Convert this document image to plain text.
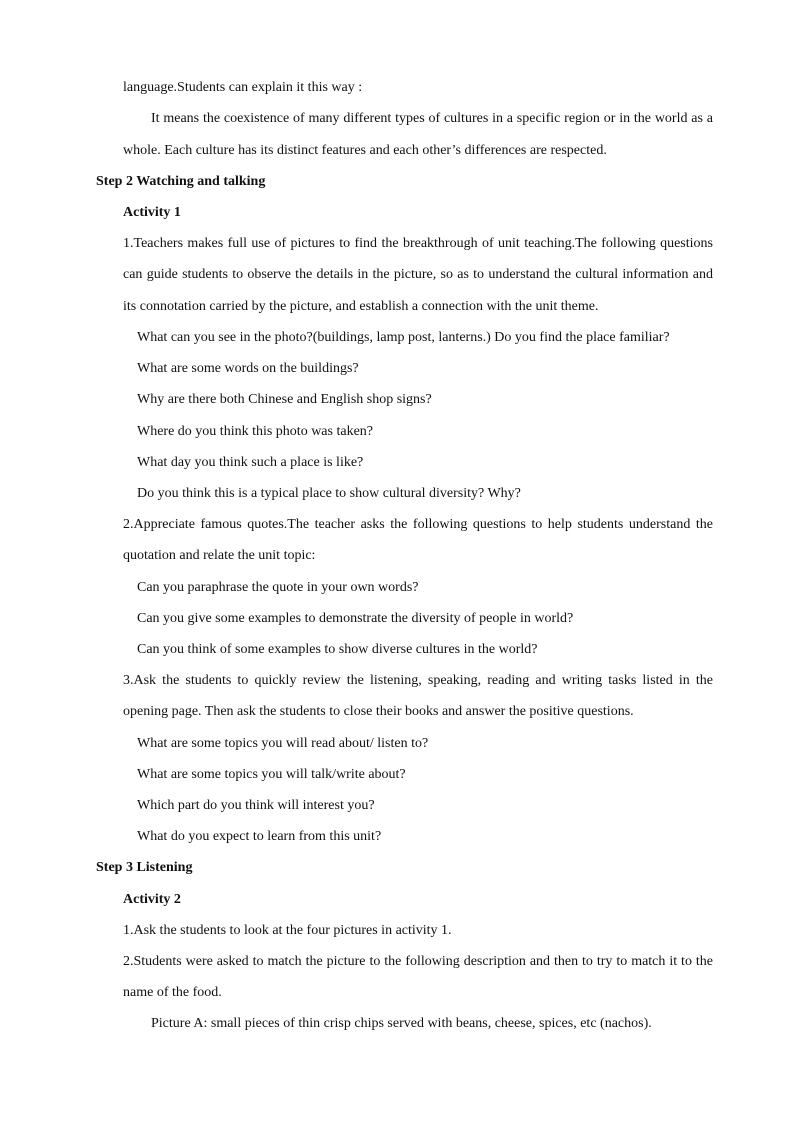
language.Students can explain it this way :
It means the coexistence of many different types of cultures in a specific region or in the world as a
whole. Each culture has its distinct features and each other’s differences are respected.
Step 2 Watching and talking
Activity 1
1.Teachers makes full use of pictures to find the breakthrough of unit teaching.The following questions
can guide students to observe the details in the picture, so as to understand the cultural information and
its connotation carried by the picture, and establish a connection with the unit theme.
What can you see in the photo?(buildings, lamp post, lanterns.) Do you find the place familiar?
What are some words on the buildings?
Why are there both Chinese and English shop signs?
Where do you think this photo was taken?
What day you think such a place is like?
Do you think this is a typical place to show cultural diversity? Why?
2.Appreciate famous quotes.The teacher asks the following questions to help students understand the
quotation and relate the unit topic:
Can you paraphrase the quote in your own words?
Can you give some examples to demonstrate the diversity of people in world?
Can you think of some examples to show diverse cultures in the world?
3.Ask the students to quickly review the listening, speaking, reading and writing tasks listed in the
opening page. Then ask the students to close their books and answer the positive questions.
What are some topics you will read about/ listen to?
What are some topics you will talk/write about?
Which part do you think will interest you?
What do you expect to learn from this unit?
Step 3 Listening
Activity 2
1.Ask the students to look at the four pictures in activity 1.
2.Students were asked to match the picture to the following description and then to try to match it to the
name of the food.
Picture A: small pieces of thin crisp chips served with beans, cheese, spices, etc (nachos).
